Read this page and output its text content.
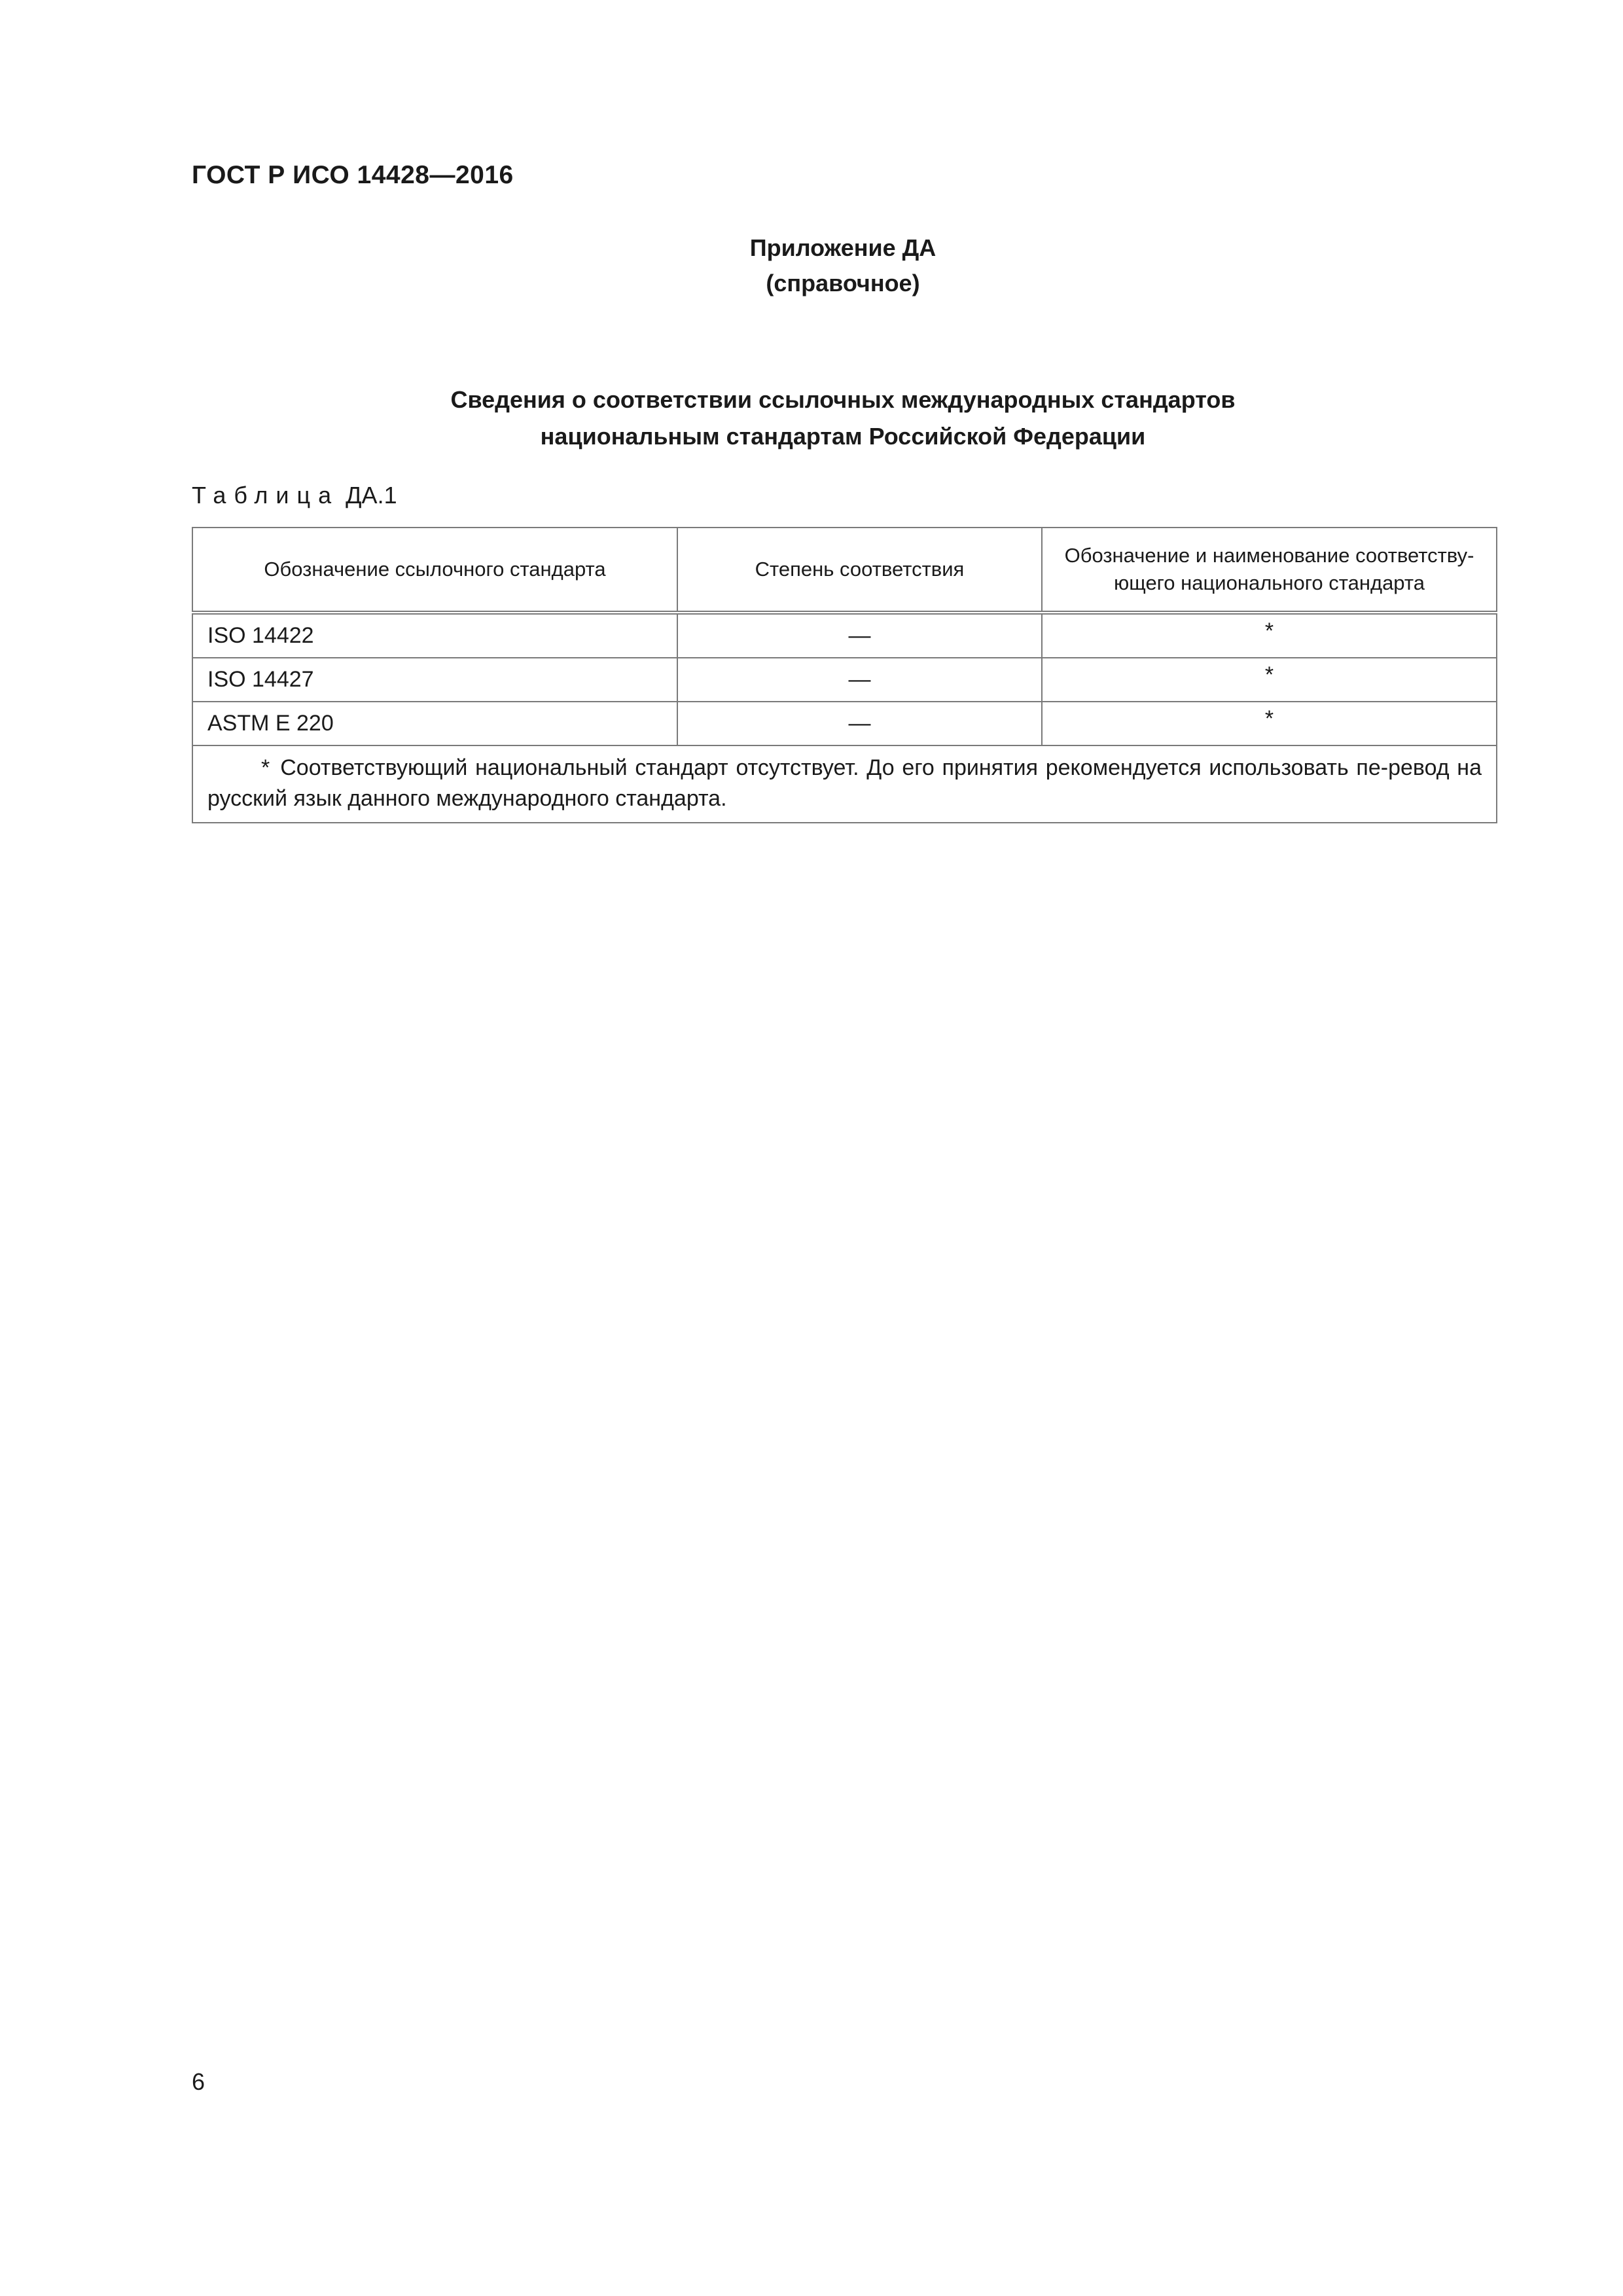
ГОСТ Р ИСО 14428—2016
Приложение ДА
(справочное)
Сведения о соответствии ссылочных международных стандартов
национальным стандартам Российской Федерации
Таблица ДА.1
Обозначение ссылочного стандарта	Степень соответствия	Обозначение и наименование соответству-ющего национального стандарта
ISO 14422	—	*
ISO 14427	—	*
ASTM E 220	—	*
* Соответствующий национальный стандарт отсутствует. До его принятия рекомендуется использовать пе-ревод на русский язык данного международного стандарта.		
6
